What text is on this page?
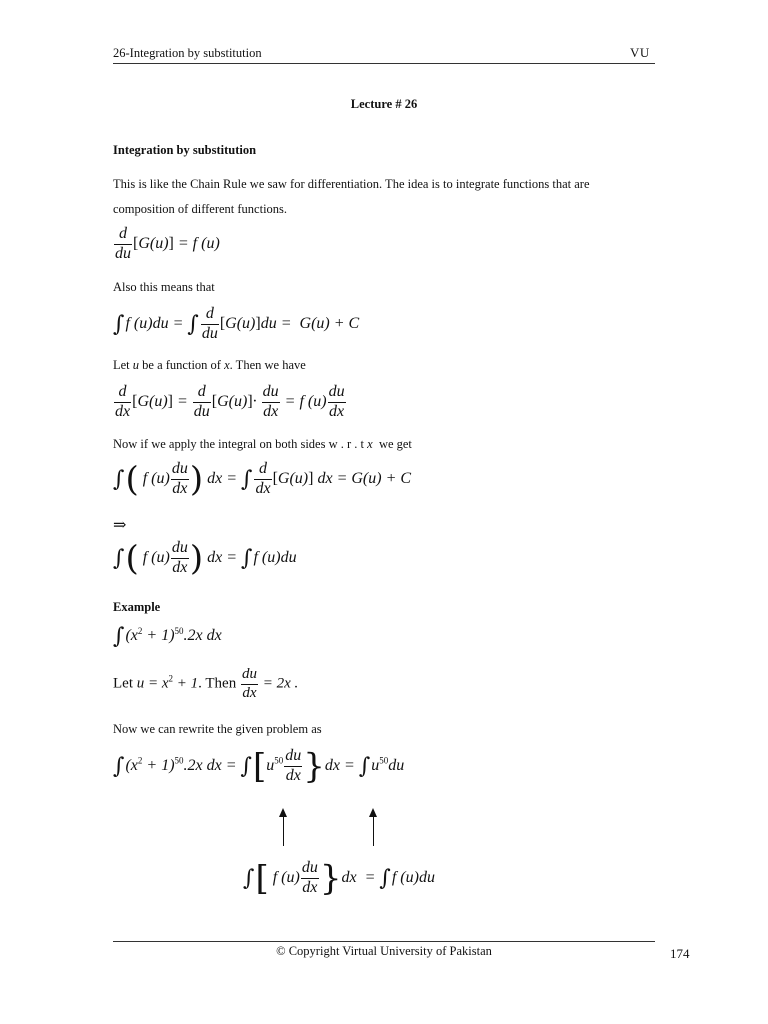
26-Integration by substitution	VU
Lecture # 26
Integration by substitution
This is like the Chain Rule we saw for differentiation. The idea is to integrate functions that are
composition of different functions.
$\frac{d}{du} [G(u)] = f$ (u)
Also this means that
∫f (u)du = ∫ $\frac{d}{du} [G(u)]du = G(u) + C$
Let u be a function of x. Then we have
$\frac{d}{dx} [G(u)] = \frac{d}{du} [G(u)]\cdot \frac{du}{dx} = f$ $(u) \frac{du}{dx}$
Now if we apply the integral on both sides w . r . t x we get
∫( f $(u) \frac{du}{dx}$ ) dx = ∫ $\frac{d}{dx} [G(u)]$ dx = G(u) + C
⇒
∫( f $(u) \frac{du}{dx}$ ) dx = ∫f (u)du
Example
$\int(x^2 + 1)^{50}.2x$ dx
Let $u = x^2 + 1$. Then $\frac{du}{dx} = 2x$ .
Now we can rewrite the given problem as
$\int(x^2 + 1)^{50}.2x$ dx = $\int[u^{50} \frac{du}{dx} \}dx = \int u^{50}du$
∫[ f $(u) \frac{du}{dx} \}dx = \int f$ (u)du
© Copyright Virtual University of Pakistan	174
